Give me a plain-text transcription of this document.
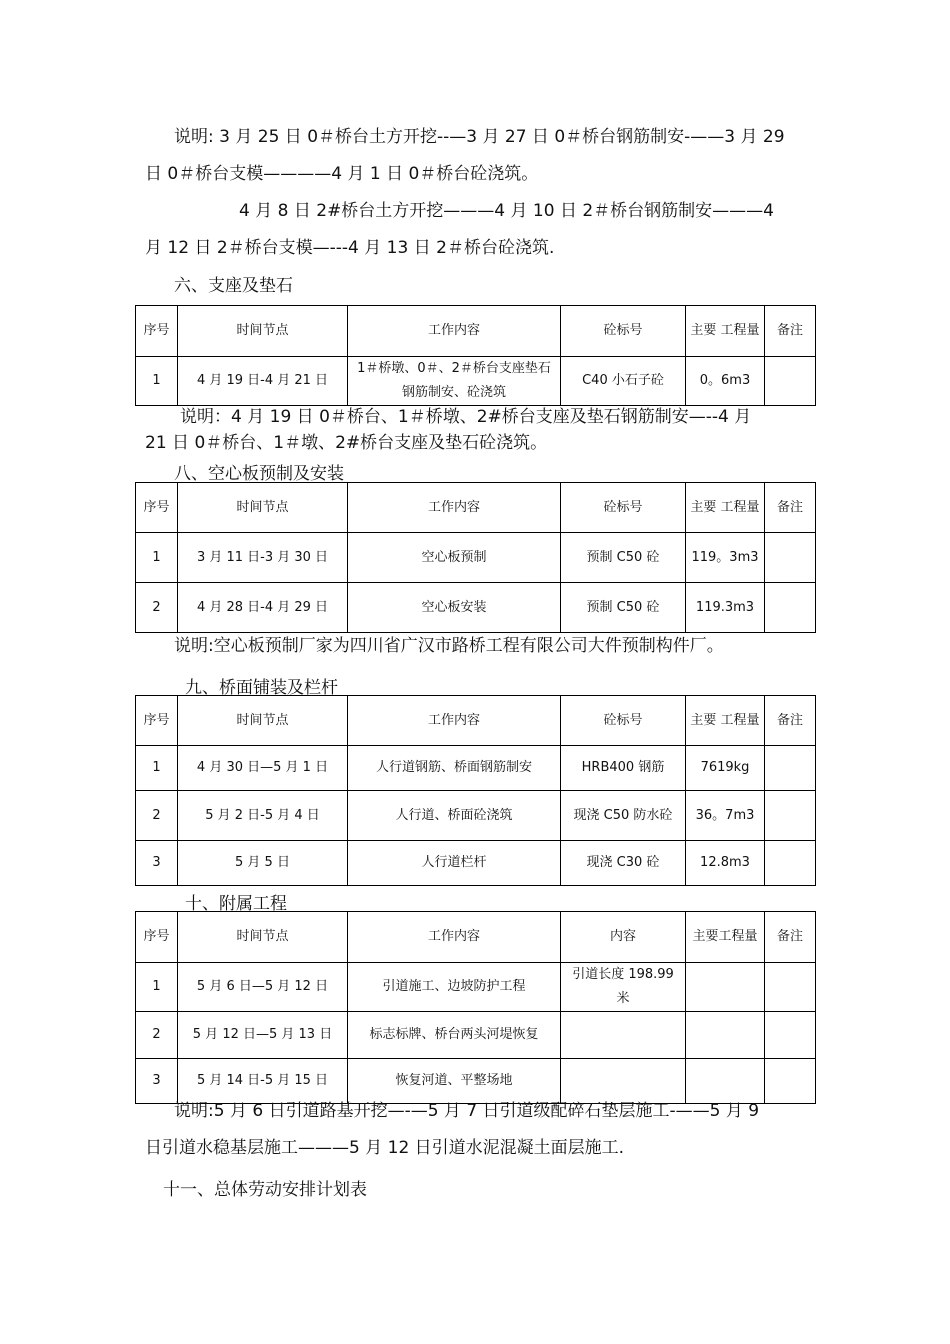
说明: 3 月 25 日 0＃桥台土方开挖--—3 月 27 日 0＃桥台钢筋制安-——3 月 29

日 0＃桥台支模————4 月 1 日 0＃桥台砼浇筑。

4 月 8 日 2#桥台土方开挖———4 月 10 日 2＃桥台钢筋制安———4

月 12 日 2＃桥台支模—---4 月 13 日 2＃桥台砼浇筑.

六、支座及垫石

序号	时间节点	工作内容	砼标号	主要 工程量	备注
1	4 月 19 日-4 月 21 日	1＃桥墩、0＃、2＃桥台支座垫石钢筋制安、砼浇筑	C40 小石子砼	0。6m3	

说明：4 月 19 日 0＃桥台、1＃桥墩、2#桥台支座及垫石钢筋制安—--4 月

21 日 0＃桥台、1＃墩、2#桥台支座及垫石砼浇筑。

八、空心板预制及安装

序号	时间节点	工作内容	砼标号	主要 工程量	备注
1	3 月 11 日-3 月 30 日	空心板预制	预制 C50 砼	119。3m3	
2	4 月 28 日-4 月 29 日	空心板安装	预制 C50 砼	119.3m3	

说明:空心板预制厂家为四川省广汉市路桥工程有限公司大件预制构件厂。

九、桥面铺装及栏杆

序号	时间节点	工作内容	砼标号	主要 工程量	备注
1	4 月 30 日—5 月 1 日	人行道钢筋、桥面钢筋制安	HRB400 钢筋	7619kg	
2	5 月 2 日-5 月 4 日	人行道、桥面砼浇筑	现浇 C50 防水砼	36。7m3	
3	5 月 5 日	人行道栏杆	现浇 C30 砼	12.8m3	

十、附属工程

序号	时间节点	工作内容	内容	主要工程量	备注
1	5 月 6 日—5 月 12 日	引道施工、边坡防护工程	引道长度 198.99 米		
2	5 月 12 日—5 月 13 日	标志标牌、桥台两头河堤恢复			
3	5 月 14 日-5 月 15 日	恢复河道、平整场地			

说明:5 月 6 日引道路基开挖—-—5 月 7 日引道级配碎石垫层施工-——5 月 9

日引道水稳基层施工———5 月 12 日引道水泥混凝土面层施工.

十一、总体劳动安排计划表
